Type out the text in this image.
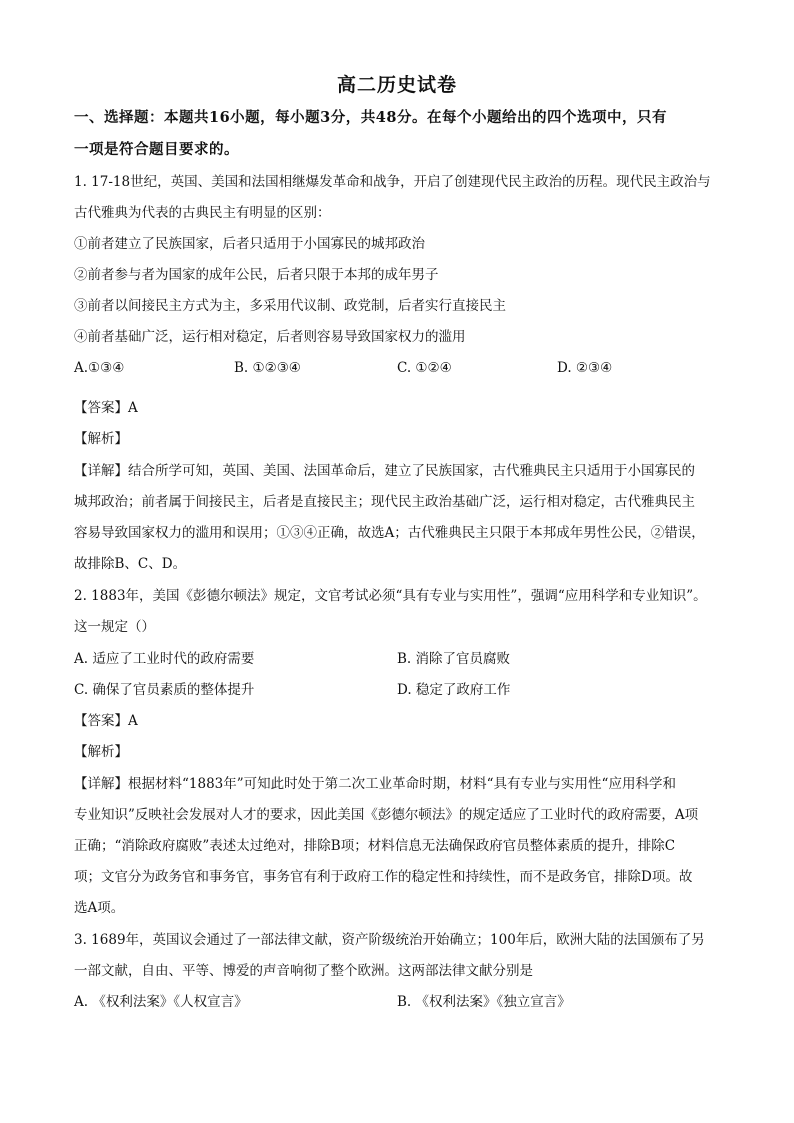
高二历史试卷
一、选择题：本题共16小题，每小题3分，共48分。在每个小题给出的四个选项中，只有
一项是符合题目要求的。
1. 17-18世纪，英国、美国和法国相继爆发革命和战争，开启了创建现代民主政治的历程。现代民主政治与
古代雅典为代表的古典民主有明显的区别：
①前者建立了民族国家，后者只适用于小国寡民的城邦政治
②前者参与者为国家的成年公民，后者只限于本邦的成年男子
③前者以间接民主方式为主，多采用代议制、政党制，后者实行直接民主
④前者基础广泛，运行相对稳定，后者则容易导致国家权力的滥用
A.①③④	B. ①②③④	C. ①②④	D. ②③④
【答案】A
【解析】
【详解】结合所学可知，英国、美国、法国革命后，建立了民族国家，古代雅典民主只适用于小国寡民的
城邦政治；前者属于间接民主，后者是直接民主；现代民主政治基础广泛，运行相对稳定，古代雅典民主
容易导致国家权力的滥用和误用；①③④正确，故选A；古代雅典民主只限于本邦成年男性公民，②错误，
故排除B、C、D。
2. 1883年，美国《彭德尔顿法》规定，文官考试必须“具有专业与实用性”，强调“应用科学和专业知识”。
这一规定（）
A. 适应了工业时代的政府需要	B. 消除了官员腐败
C. 确保了官员素质的整体提升	D. 稳定了政府工作
【答案】A
【解析】
【详解】根据材料“1883年”可知此时处于第二次工业革命时期，材料“具有专业与实用性“应用科学和
专业知识”反映社会发展对人才的要求，因此美国《彭德尔顿法》的规定适应了工业时代的政府需要，A项
正确；“消除政府腐败”表述太过绝对，排除B项；材料信息无法确保政府官员整体素质的提升，排除C
项；文官分为政务官和事务官，事务官有利于政府工作的稳定性和持续性，而不是政务官，排除D项。故
选A项。
3. 1689年，英国议会通过了一部法律文献，资产阶级统治开始确立；100年后，欧洲大陆的法国颁布了另
一部文献，自由、平等、博爱的声音响彻了整个欧洲。这两部法律文献分别是
A. 《权利法案》《人权宣言》	B. 《权利法案》《独立宣言》
